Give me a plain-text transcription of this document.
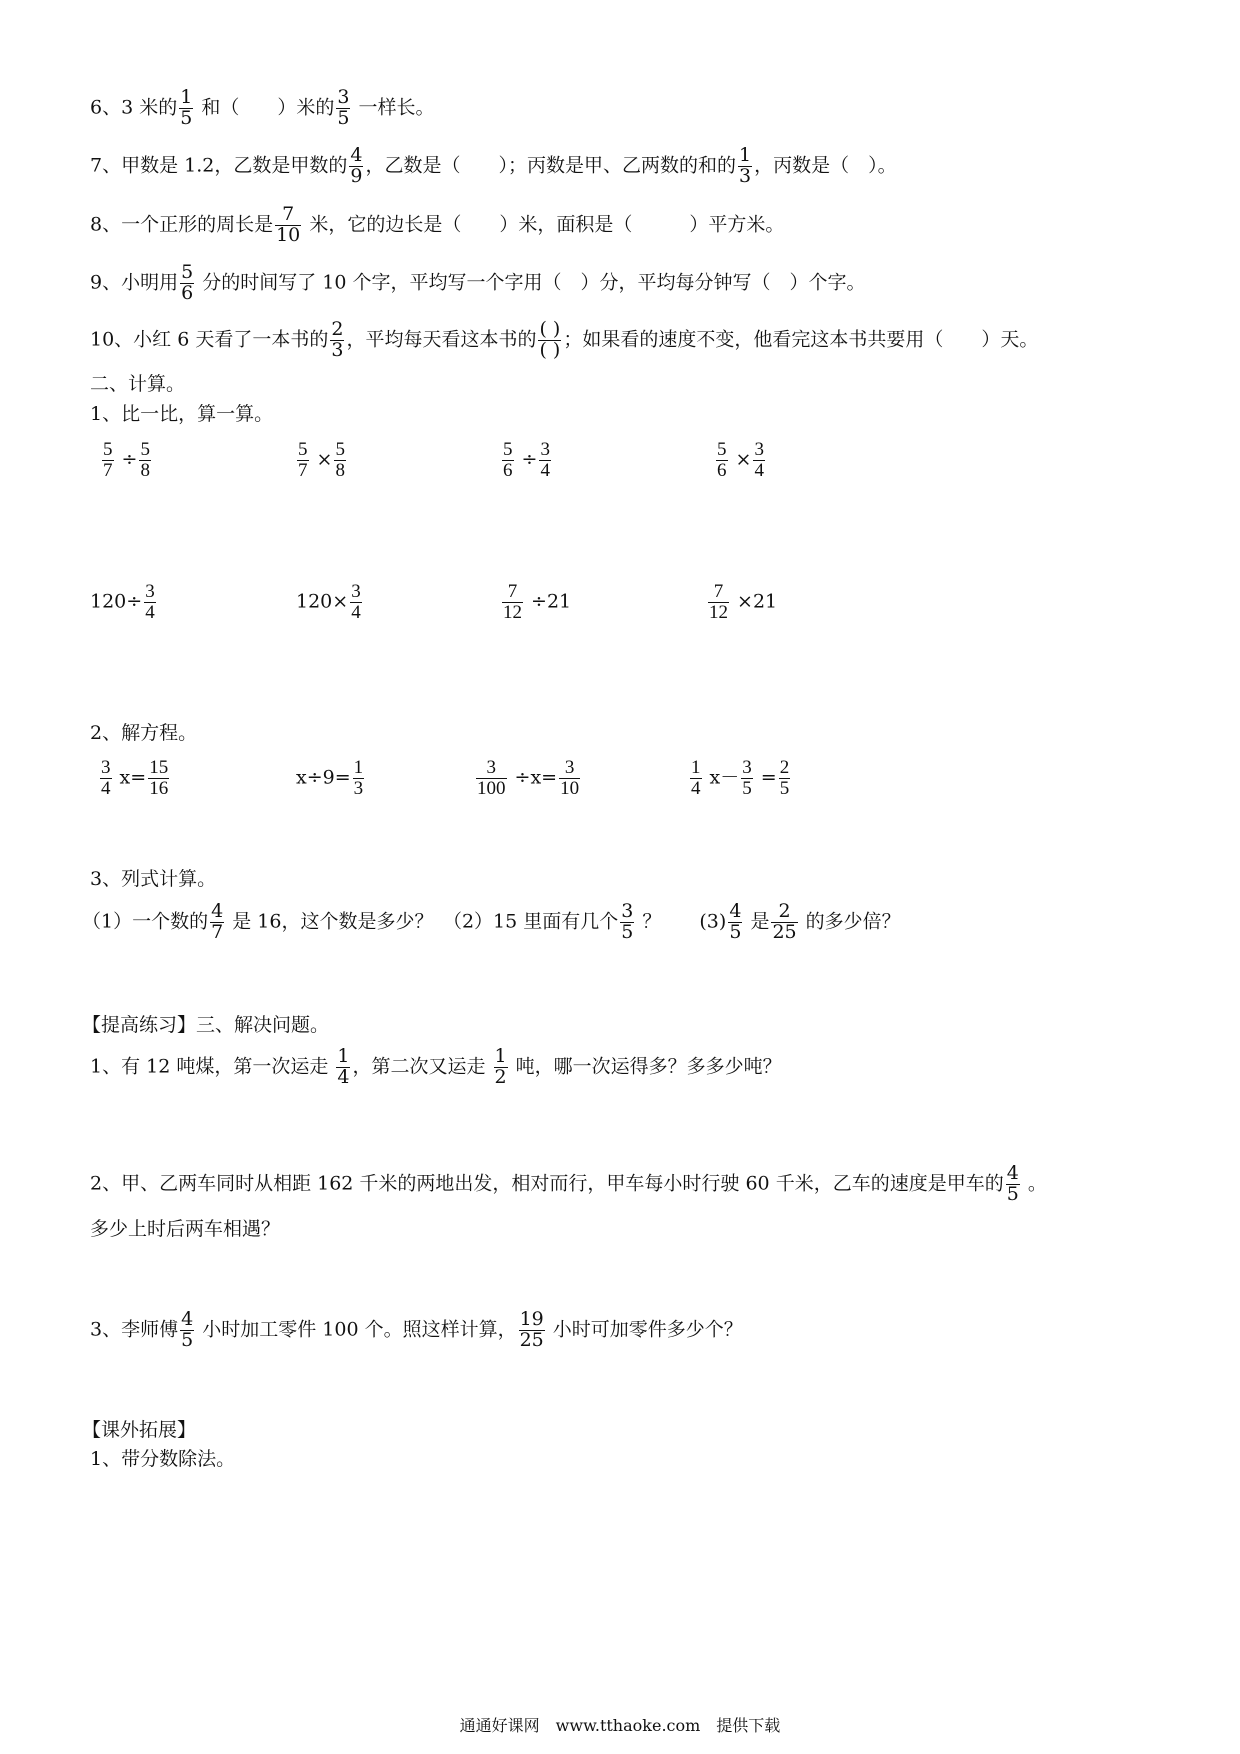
6、3 米的 $\frac{1}{5}$ 和（　　）米的 $\frac{3}{5}$ 一样长。
7、甲数是 1.2，乙数是甲数的 $\frac{4}{9}$ ，乙数是（　　）；丙数是甲、乙两数的和的 $\frac{1}{3}$ ，丙数是（　）。
8、一个正形的周长是 $\frac{7}{10}$ 米，它的边长是（　　）米，面积是（　　　）平方米。
9、小明用 $\frac{5}{6}$ 分的时间写了 10 个字，平均写一个字用（　）分，平均每分钟写（　）个字。
10、小红 6 天看了一本书的 $\frac{2}{3}$ ，平均每天看这本书的 $\frac{( )}{( )}$ ；如果看的速度不变，他看完这本书共要用（　　）天。
二、计算。
1、比一比，算一算。
$\frac{5}{7} \div \frac{5}{8}$	$\frac{5}{7} \times \frac{5}{8}$	$\frac{5}{6} \div \frac{3}{4}$	$\frac{5}{6} \times \frac{3}{4}$
$120\div \frac{3}{4}$	$120\times \frac{3}{4}$	$\frac{7}{12} \div 21$	$\frac{7}{12} \times 21$
2、解方程。
$\frac{3}{4} x= \frac{15}{16}$	$x\div 9= \frac{1}{3}$	$\frac{3}{100} \div x= \frac{3}{10}$	$\frac{1}{4} x- \frac{3}{5} = \frac{2}{5}$
3、列式计算。
（1）一个数的 $\frac{4}{7}$ 是 16，这个数是多少？　（2）15 里面有几个 $\frac{3}{5}$ ？　　$(3) \frac{4}{5}$ 是 $\frac{2}{25}$ 的多少倍？
【提高练习】三、解决问题。
1、有 12 吨煤，第一次运走 $\frac{1}{4}$ ，第二次又运走 $\frac{1}{2}$ 吨，哪一次运得多？多多少吨？
2、甲、乙两车同时从相距 162 千米的两地出发，相对而行，甲车每小时行驶 60 千米，乙车的速度是甲车的 $\frac{4}{5}$ 。
多少上时后两车相遇？
3、李师傅 $\frac{4}{5}$ 小时加工零件 100 个。照这样计算， $\frac{19}{25}$ 小时可加零件多少个？
【课外拓展】
1、带分数除法。
通通好课网　www.tthaoke.com　提供下载
